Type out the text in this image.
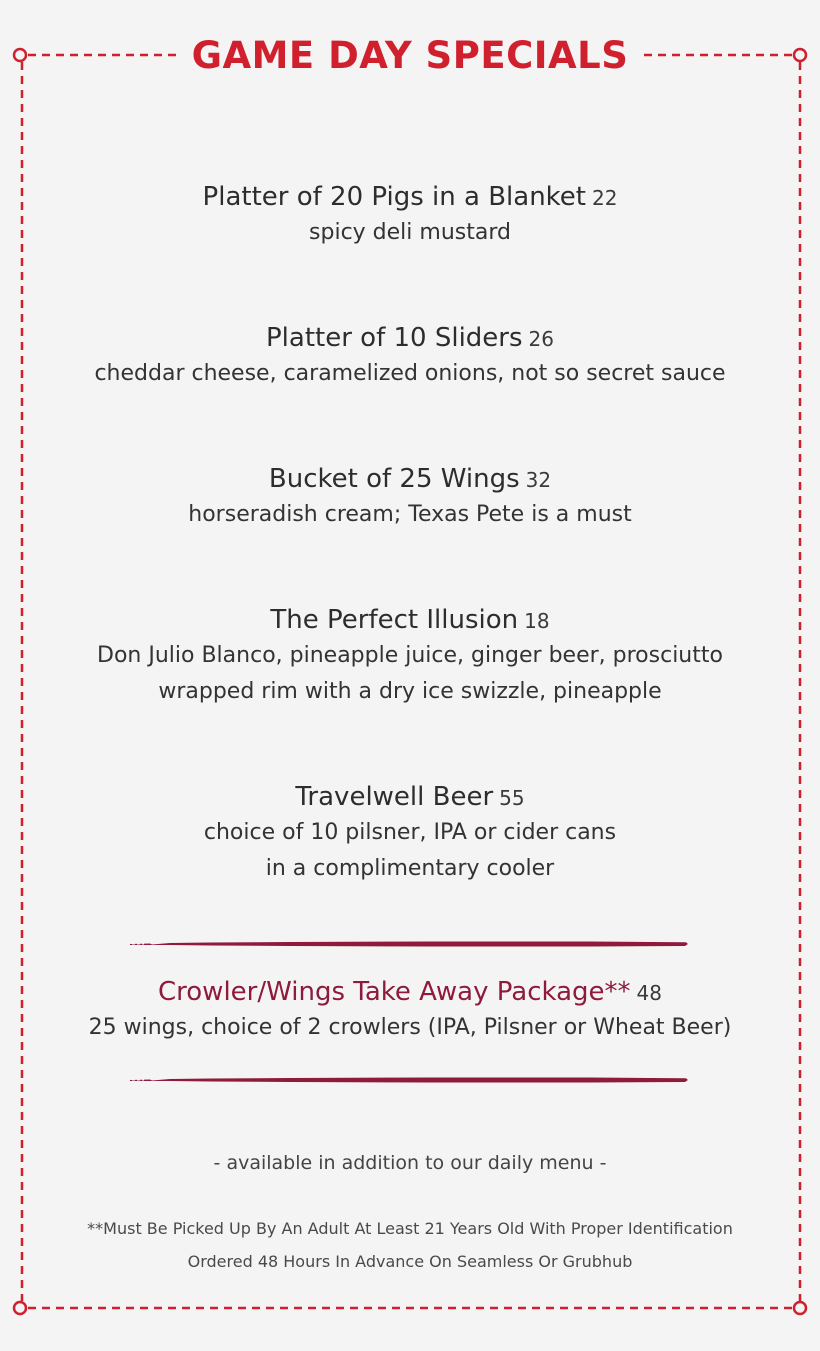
GAME DAY SPECIALS
Platter of 20 Pigs in a Blanket 22
spicy deli mustard
Platter of 10 Sliders 26
cheddar cheese, caramelized onions, not so secret sauce
Bucket of 25 Wings 32
horseradish cream; Texas Pete is a must
The Perfect Illusion 18
Don Julio Blanco, pineapple juice, ginger beer, prosciutto
wrapped rim with a dry ice swizzle, pineapple
Travelwell Beer 55
choice of 10 pilsner, IPA or cider cans
in a complimentary cooler
Crowler/Wings Take Away Package** 48
25 wings, choice of 2 crowlers (IPA, Pilsner or Wheat Beer)
- available in addition to our daily menu -
**Must Be Picked Up By An Adult At Least 21 Years Old With Proper Identification
Ordered 48 Hours In Advance On Seamless Or Grubhub
